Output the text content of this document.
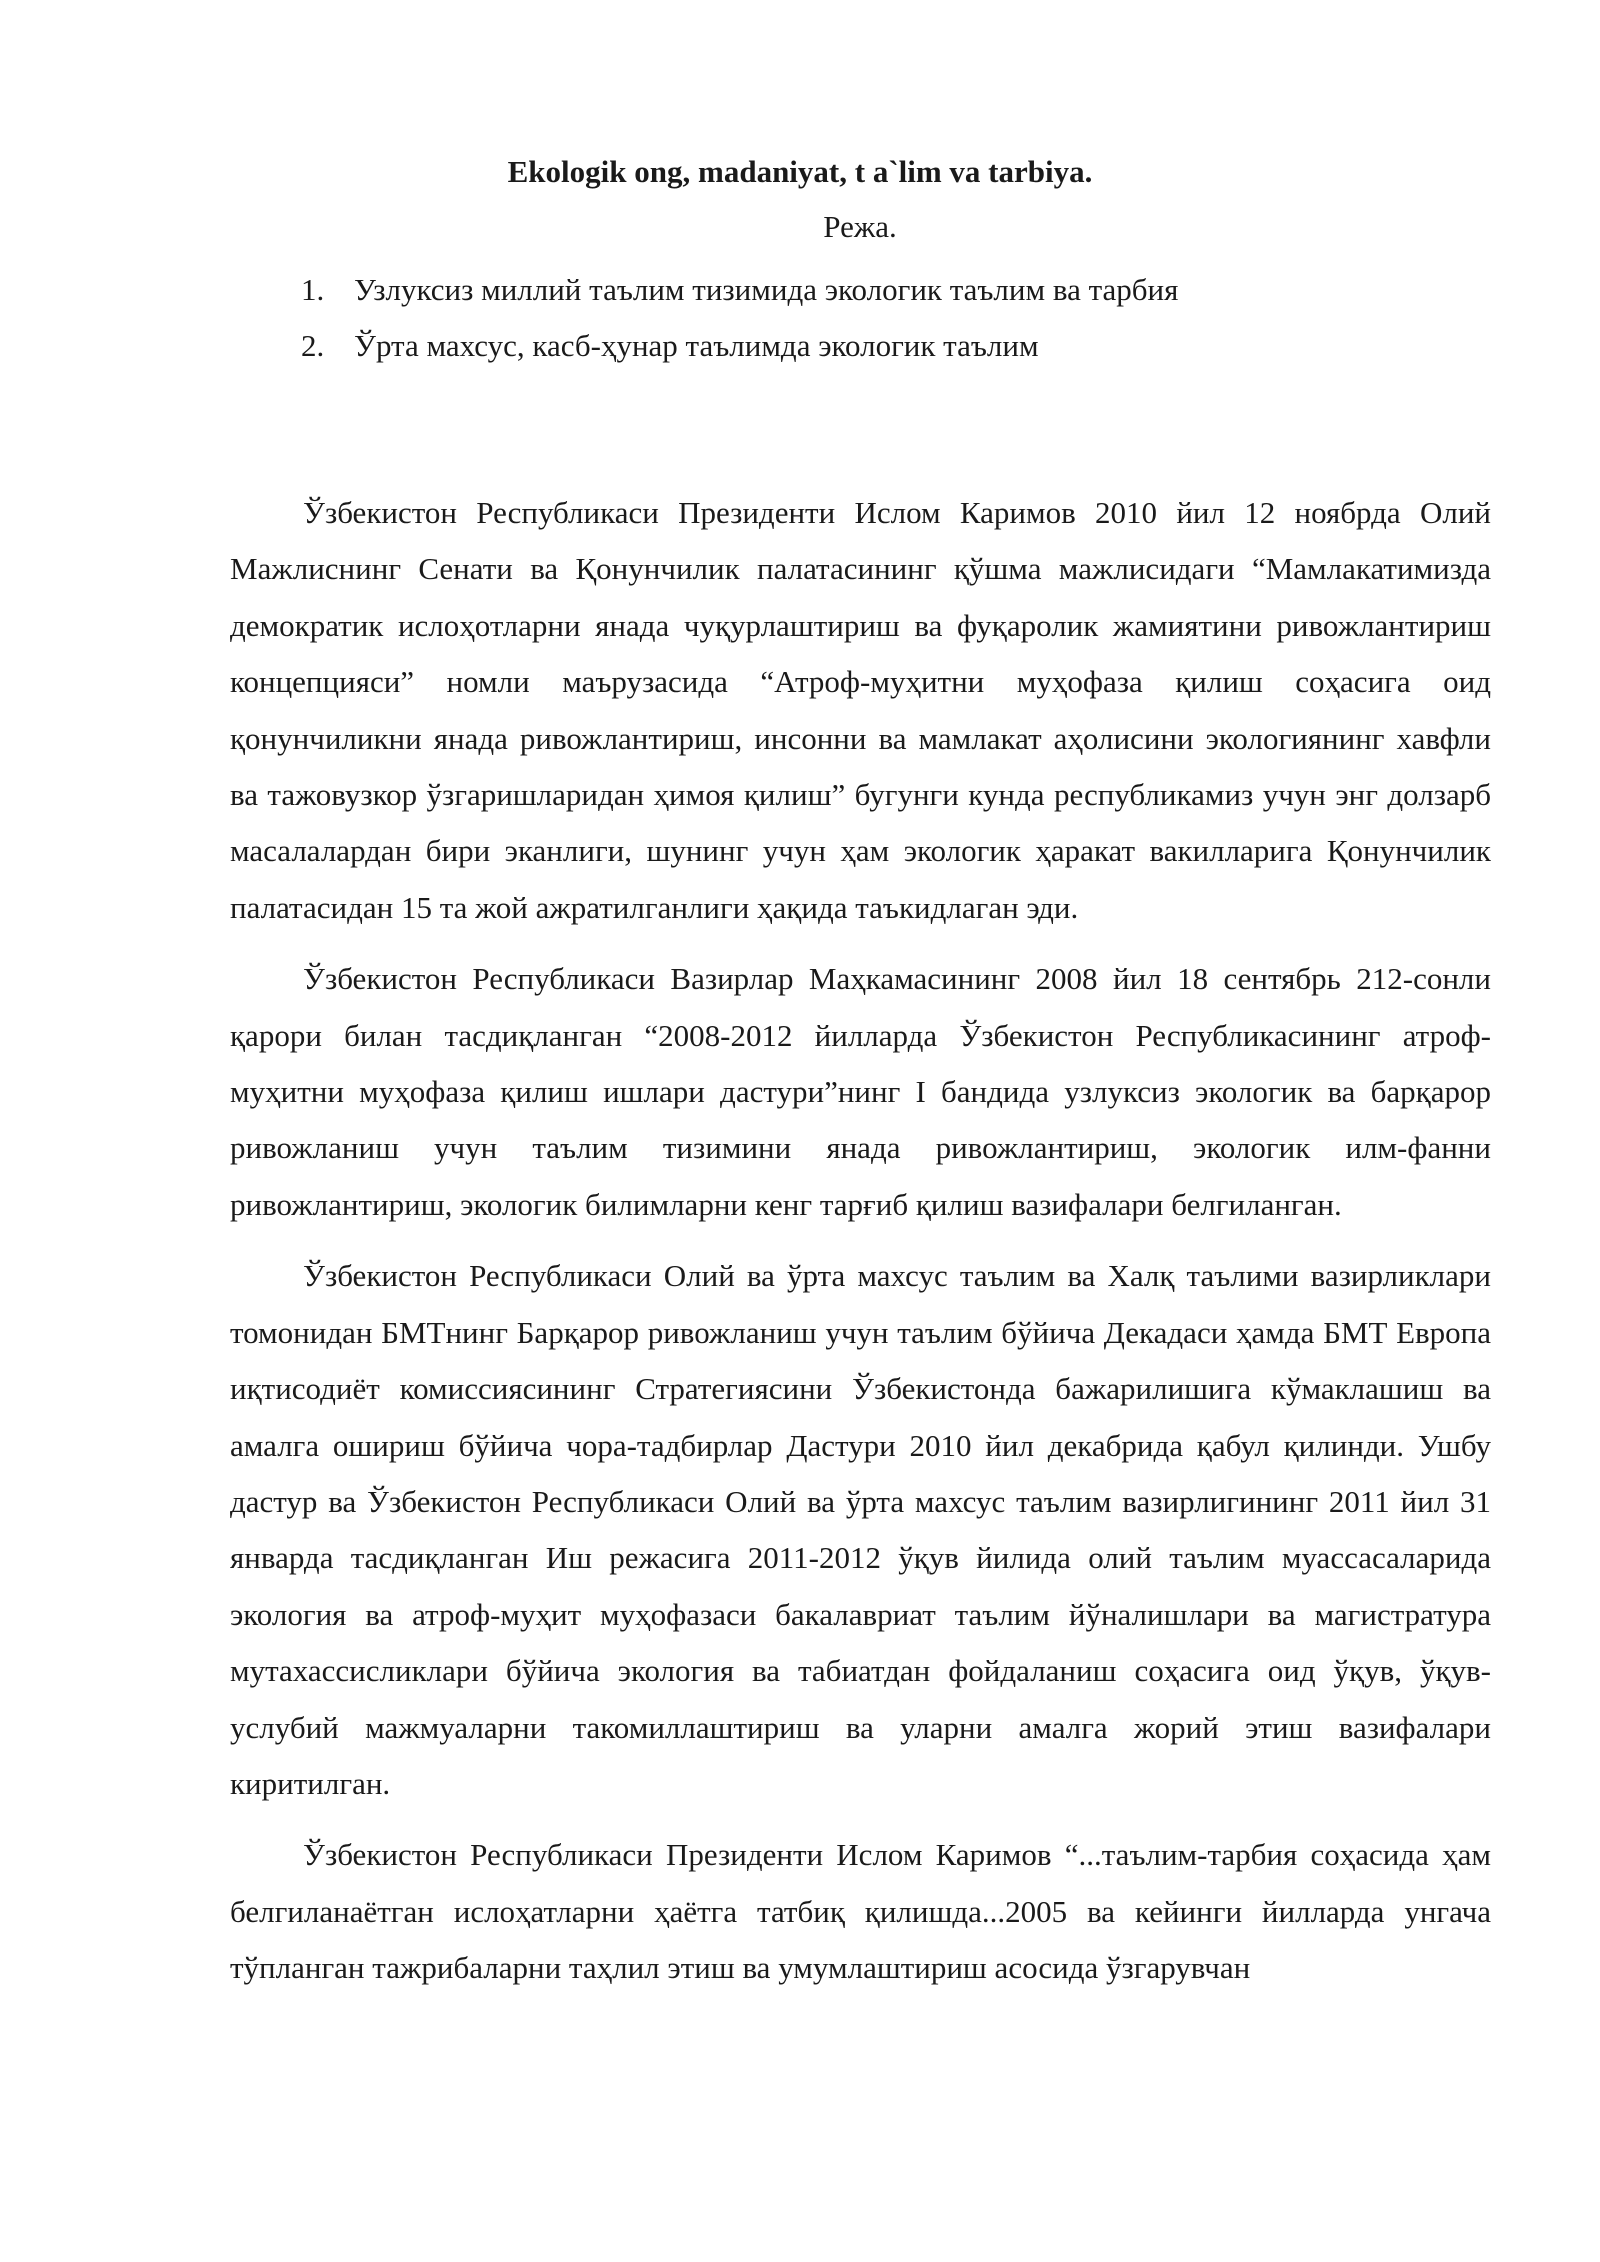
Ekologik ong, madaniyat, t a`lim va tarbiya.
Режа.
1. Узлуксиз миллий таълим тизимида экологик таълим ва тарбия
2. Ўрта махсус, касб-ҳунар таълимда экологик таълим

Ўзбекистон Республикаси Президенти Ислом Каримов 2010 йил 12 ноябрда Олий Мажлиснинг Сенати ва Қонунчилик палатасининг қўшма мажлисидаги “Мамлакатимизда демократик ислоҳотларни янада чуқурлаштириш ва фуқаролик жамиятини ривожлантириш концепцияси” номли маърузасида “Атроф-муҳитни муҳофаза қилиш соҳасига оид қонунчиликни янада ривожлантириш, инсонни ва мамлакат аҳолисини экологиянинг хавфли ва тажовузкор ўзгаришларидан ҳимоя қилиш” бугунги кунда республикамиз учун энг долзарб масалалардан бири эканлиги, шунинг учун ҳам экологик ҳаракат вакилларига Қонунчилик палатасидан 15 та жой ажратилганлиги ҳақида таъкидлаган эди.

Ўзбекистон Республикаси Вазирлар Маҳкамасининг 2008 йил 18 сентябрь 212-сонли қарори билан тасдиқланган “2008-2012 йилларда Ўзбекистон Республикасининг атроф-муҳитни муҳофаза қилиш ишлари дастури”нинг I бандида узлуксиз экологик ва барқарор ривожланиш учун таълим тизимини янада ривожлантириш, экологик илм-фанни ривожлантириш, экологик билимларни кенг тарғиб қилиш вазифалари белгиланган.

Ўзбекистон Республикаси Олий ва ўрта махсус таълим ва Халқ таълими вазирликлари томонидан БМТнинг Барқарор ривожланиш учун таълим бўйича Декадаси ҳамда БМТ Европа иқтисодиёт комиссиясининг Стратегиясини Ўзбекистонда бажарилишига кўмаклашиш ва амалга ошириш бўйича чора-тадбирлар Дастури 2010 йил декабрида қабул қилинди. Ушбу дастур ва Ўзбекистон Республикаси Олий ва ўрта махсус таълим вазирлигининг 2011 йил 31 январда тасдиқланган Иш режасига 2011-2012 ўқув йилида олий таълим муассасаларида экология ва атроф-муҳит муҳофазаси бакалавриат таълим йўналишлари ва магистратура мутахассисликлари бўйича экология ва табиатдан фойдаланиш соҳасига оид ўқув, ўқув-услубий мажмуаларни такомиллаштириш ва уларни амалга жорий этиш вазифалари киритилган.

Ўзбекистон Республикаси Президенти Ислом Каримов “...таълим-тарбия соҳасида ҳам белгиланаётган ислоҳатларни ҳаётга татбиқ қилишда...2005 ва кейинги йилларда унгача тўпланган тажрибаларни таҳлил этиш ва умумлаштириш асосида ўзгарувчан
